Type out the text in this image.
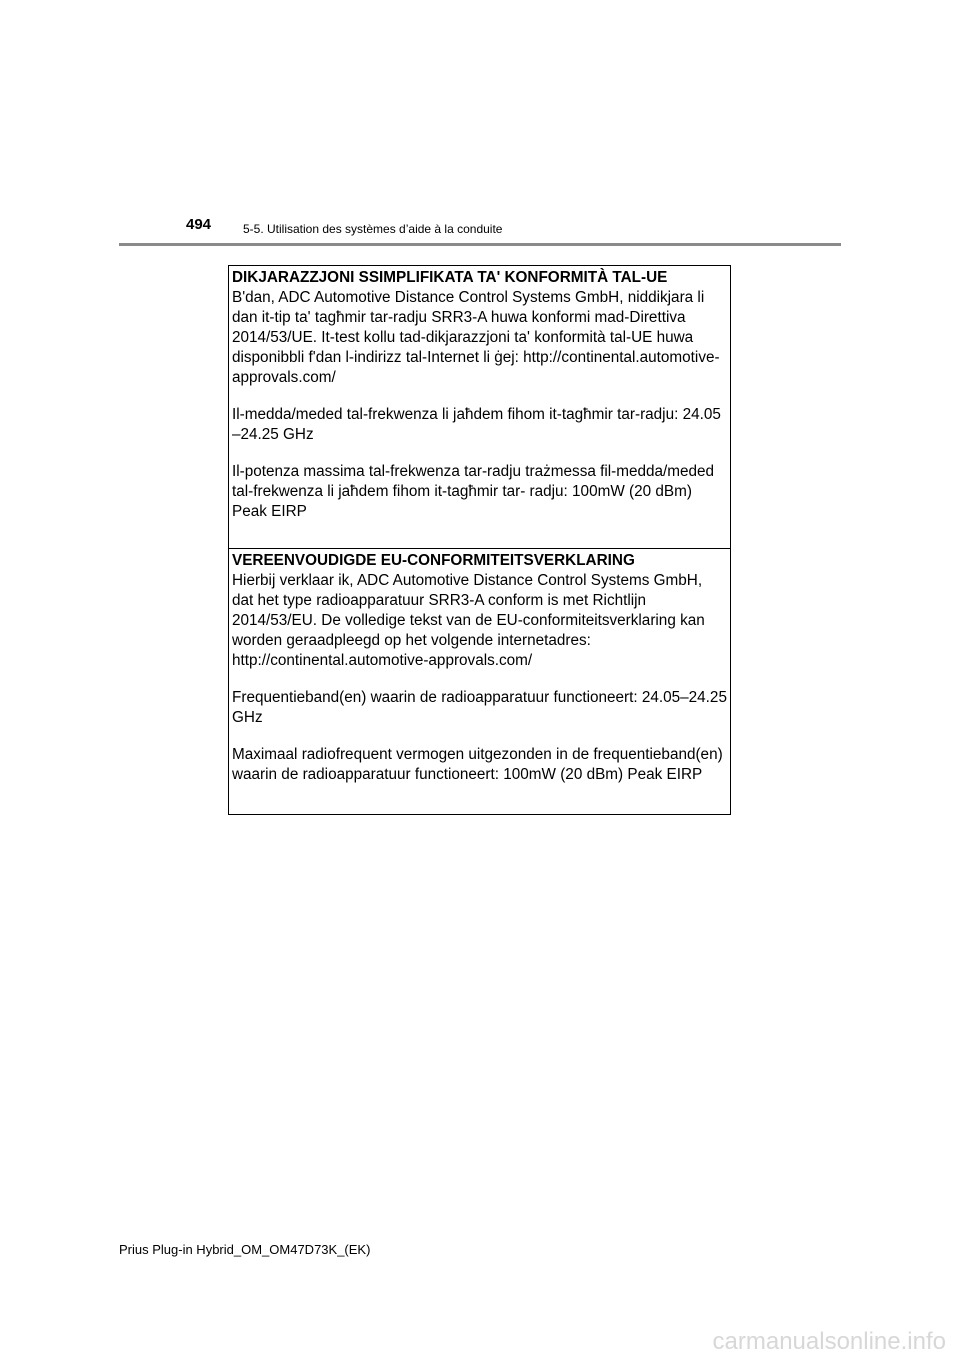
494	5-5. Utilisation des systèmes d’aide à la conduite
DIKJARAZZJONI SSIMPLIFIKATA TA' KONFORMITÀ TAL-UE

B'dan, ADC Automotive Distance Control Systems GmbH, niddikjara li dan it-tip ta' tagħmir tar-radju SRR3-A huwa konformi mad-Direttiva 2014/53/UE. It-test kollu tad-dikjarazzjoni ta' konformità tal-UE huwa disponibbli f'dan l-indirizz tal-Internet li ġej: http://continental.automotive-approvals.com/

Il-medda/meded tal-frekwenza li jaħdem fihom it-tagħmir tar-radju: 24.05 –24.25 GHz

Il-potenza massima tal-frekwenza tar-radju trażmessa fil-medda/meded tal-frekwenza li jaħdem fihom it-tagħmir tar- radju: 100mW (20 dBm) Peak EIRP

VEREENVOUDIGDE EU-CONFORMITEITSVERKLARING

Hierbij verklaar ik, ADC Automotive Distance Control Systems GmbH, dat het type radioapparatuur SRR3-A conform is met Richtlijn 2014/53/EU. De volledige tekst van de EU-conformiteitsverklaring kan worden geraadpleegd op het volgende internetadres: http://continental.automotive-approvals.com/

Frequentieband(en) waarin de radioapparatuur functioneert: 24.05–24.25 GHz

Maximaal radiofrequent vermogen uitgezonden in de frequentieband(en) waarin de radioapparatuur functioneert: 100mW (20 dBm) Peak EIRP

Prius Plug-in Hybrid_OM_OM47D73K_(EK)
carmanualsonline.info
